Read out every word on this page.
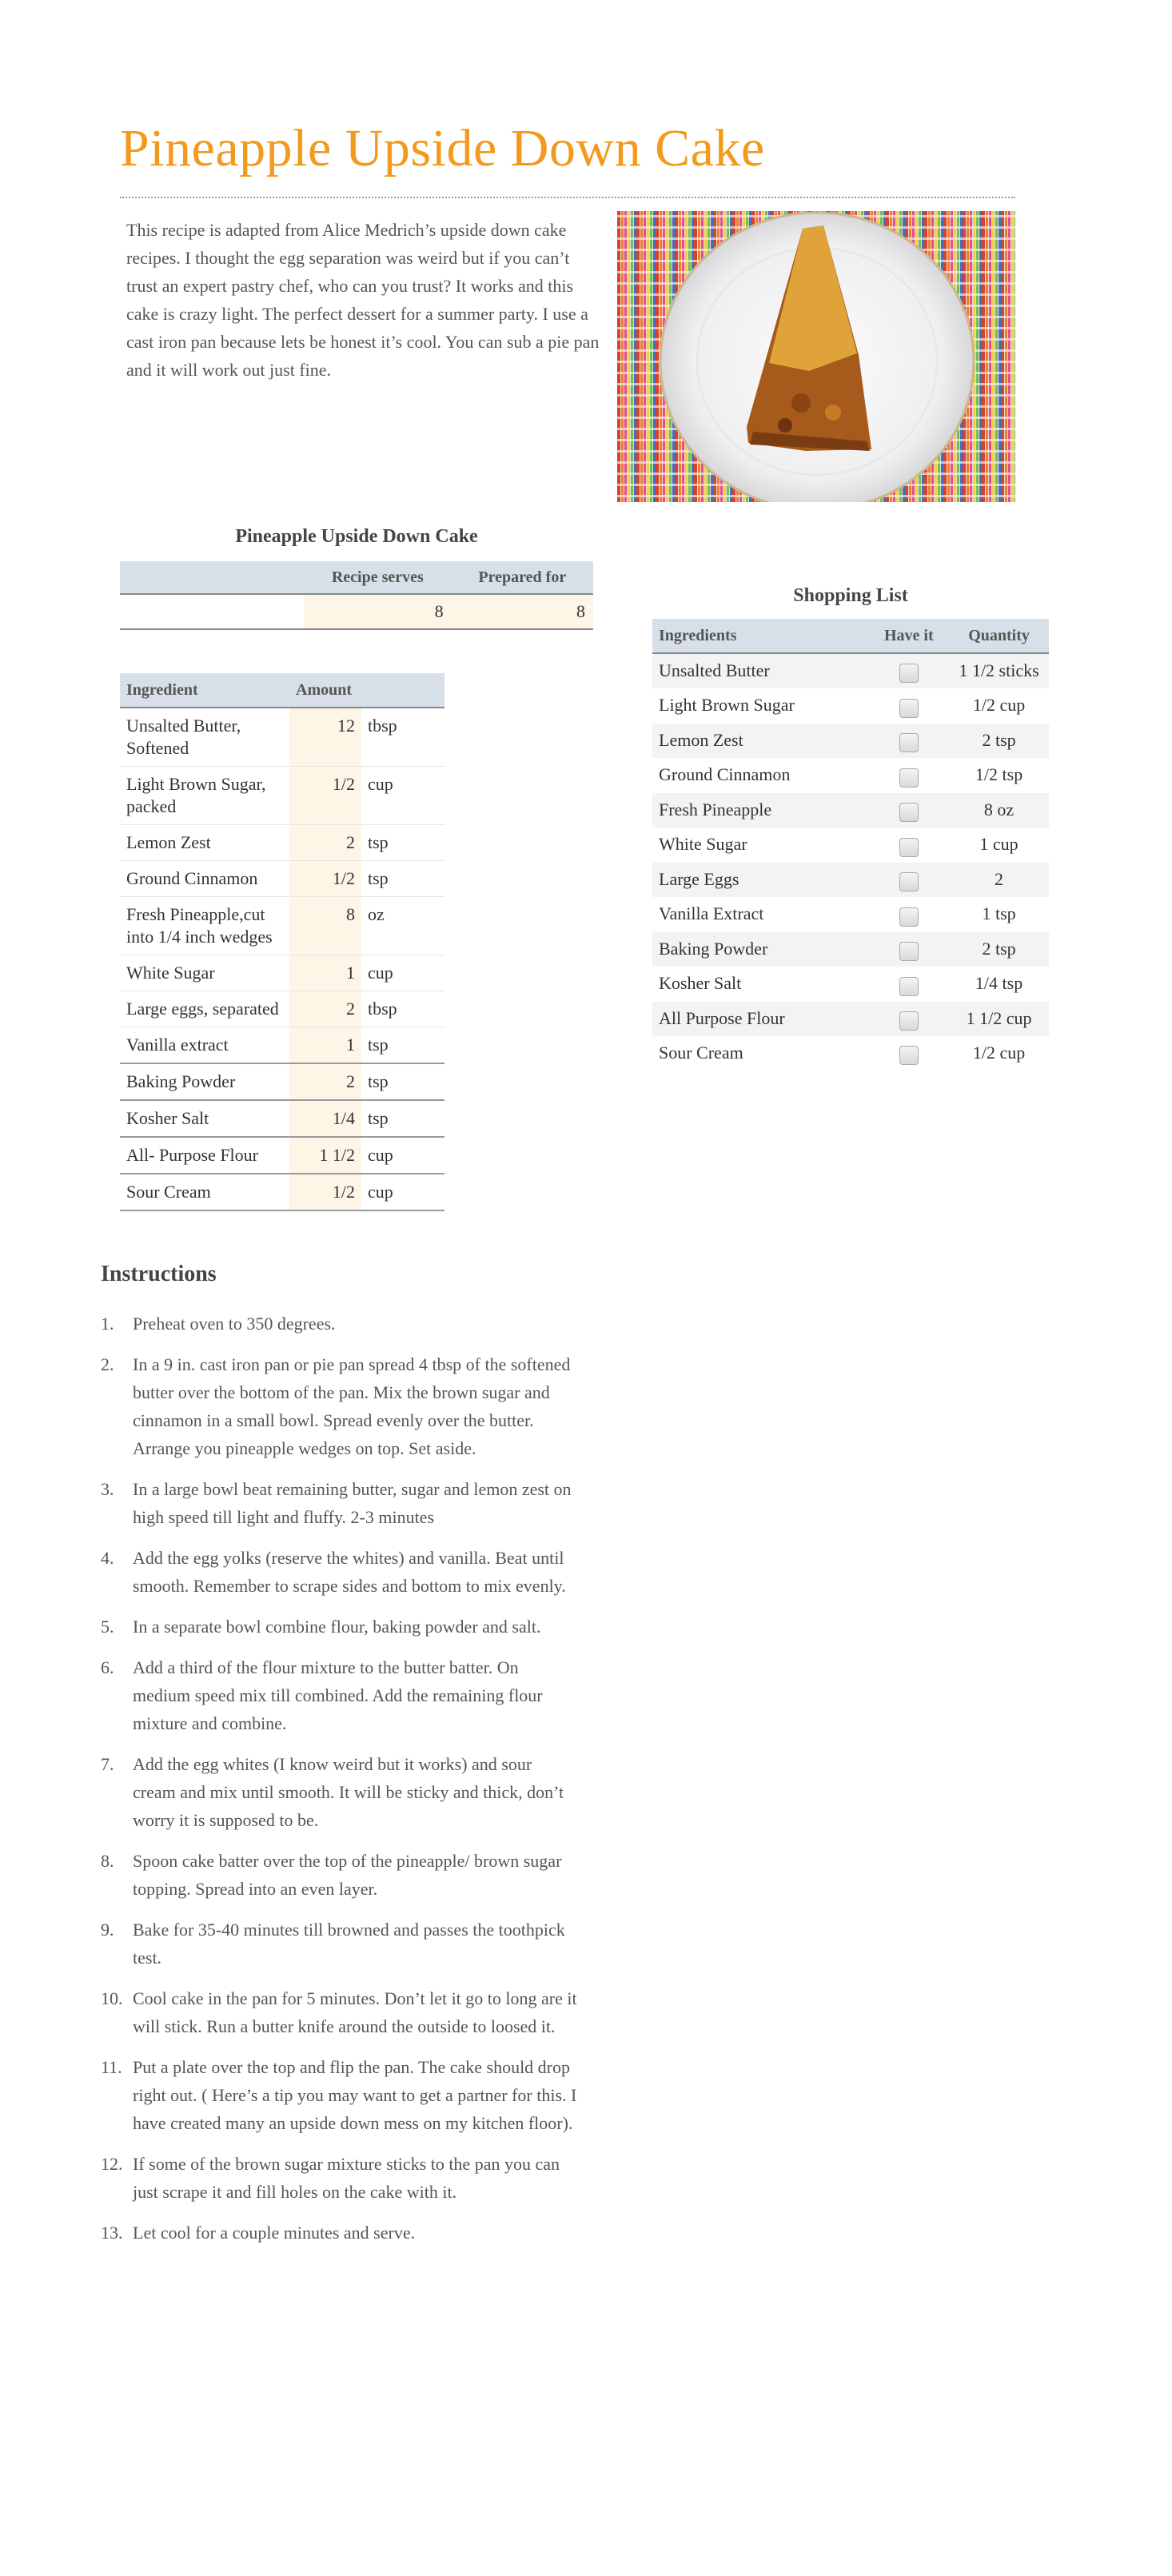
Pineapple Upside Down Cake

This recipe is adapted from Alice Medrich’s upside down cake recipes. I thought the egg separation was weird but if you can’t trust an expert pastry chef, who can you trust? It works and this cake is crazy light. The perfect dessert for a summer party. I use a cast iron pan because lets be honest it’s cool. You can sub a pie pan and it will work out just fine.

Pineapple Upside Down Cake
	Recipe serves	Prepared for
	8	8
Ingredient	Amount	
Unsalted Butter, Softened	12	tbsp
Light Brown Sugar, packed	1/2	cup
Lemon Zest	2	tsp
Ground Cinnamon	1/2	tsp
Fresh Pineapple,cut into 1/4 inch wedges	8	oz
White Sugar	1	cup
Large eggs, separated	2	tbsp
Vanilla extract	1	tsp
Baking Powder	2	tsp
Kosher Salt	1/4	tsp
All- Purpose Flour	1 1/2	cup
Sour Cream	1/2	cup
Shopping List
Ingredients	Have it	Quantity
Unsalted Butter		1 1/2 sticks
Light Brown Sugar		1/2 cup
Lemon Zest		2 tsp
Ground Cinnamon		1/2 tsp
Fresh Pineapple		8 oz
White Sugar		1 cup
Large Eggs		2
Vanilla Extract		1 tsp
Baking Powder		2 tsp
Kosher Salt		1/4 tsp
All Purpose Flour		1 1/2 cup
Sour Cream		1/2 cup
Instructions
1. Preheat oven to 350 degrees.
2. In a 9 in. cast iron pan or pie pan spread 4 tbsp of the softened butter over the bottom of the pan. Mix the brown sugar and cinnamon in a small bowl. Spread evenly over the butter. Arrange you pineapple wedges on top. Set aside.
3. In a large bowl beat remaining butter, sugar and lemon zest on high speed till light and fluffy. 2-3 minutes
4. Add the egg yolks (reserve the whites) and vanilla. Beat until smooth. Remember to scrape sides and bottom to mix evenly.
5. In a separate bowl combine flour, baking powder and salt.
6. Add a third of the flour mixture to the butter batter. On medium speed mix till combined. Add the remaining flour mixture and combine.
7. Add the egg whites (I know weird but it works) and sour cream and mix until smooth. It will be sticky and thick, don’t worry it is supposed to be.
8. Spoon cake batter over the top of the pineapple/ brown sugar topping. Spread into an even layer.
9. Bake for 35-40 minutes till browned and passes the toothpick test.
10. Cool cake in the pan for 5 minutes. Don’t let it go to long are it will stick. Run a butter knife around the outside to loosed it.
11. Put a plate over the top and flip the pan. The cake should drop right out. ( Here’s a tip you may want to get a partner for this. I have created many an upside down mess on my kitchen floor).
12. If some of the brown sugar mixture sticks to the pan you can just scrape it and fill holes on the cake with it.
13. Let cool for a couple minutes and serve.
